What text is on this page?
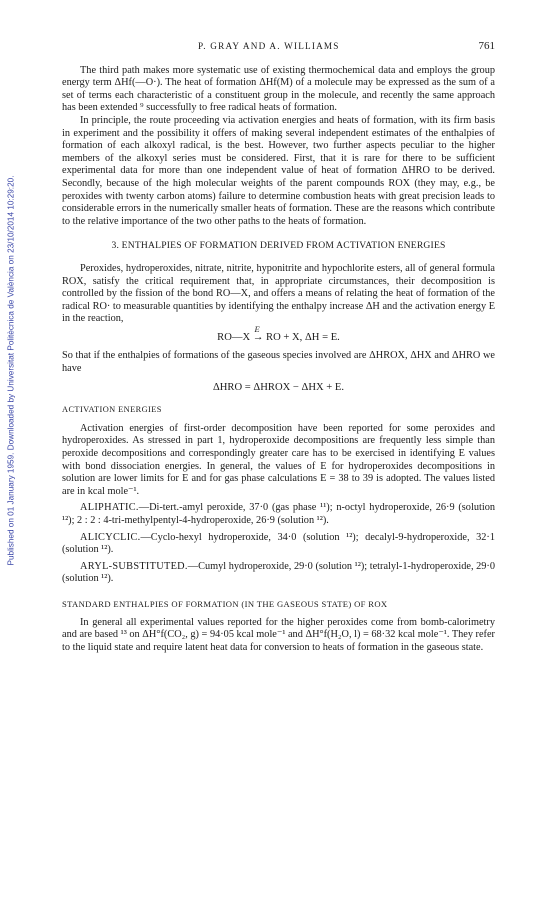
Published on 01 January 1959. Downloaded by Universitat Politècnica de València on 23/10/2014 10:29:20.
P. GRAY AND A. WILLIAMS	761

The third path makes more systematic use of existing thermochemical data and employs the group energy term ΔHf(—O·). The heat of formation ΔHf(M) of a molecule may be expressed as the sum of a set of terms each characteristic of a constituent group in the molecule, and recently the same approach has been extended ⁹ successfully to free radical heats of formation.

In principle, the route proceeding via activation energies and heats of formation, with its firm basis in experiment and the possibility it offers of making several independent estimates of the enthalpies of formation of each alkoxyl radical, is the best. However, two further aspects peculiar to the higher members of the alkoxyl series must be considered. First, that it is rare for there to be sufficient experimental data for more than one independent value of heat of formation ΔHRO to be derived. Secondly, because of the high molecular weights of the parent compounds ROX (they may, e.g., be peroxides with twenty carbon atoms) failure to determine combustion heats with great precision leads to considerable errors in the numerically smaller heats of formation. These are the reasons which contribute to the relative importance of the two other paths to the heats of formation.

3. ENTHALPIES OF FORMATION DERIVED FROM ACTIVATION ENERGIES

Peroxides, hydroperoxides, nitrate, nitrite, hyponitrite and hypochlorite esters, all of general formula ROX, satisfy the critical requirement that, in appropriate circumstances, their decomposition is controlled by the fission of the bond RO—X, and offers a means of relating the heat of formation of the radical RO· to measurable quantities by identifying the enthalpy increase ΔH and the activation energy E in the reaction,

E
RO—X → RO + X, ΔH = E.

So that if the enthalpies of formations of the gaseous species involved are ΔHROX, ΔHX and ΔHRO we have

ΔHRO = ΔHROX − ΔHX + E.
ACTIVATION ENERGIES

Activation energies of first-order decomposition have been reported for some peroxides and hydroperoxides. As stressed in part 1, hydroperoxide decompositions are frequently less simple than peroxide decompositions and correspondingly greater care has to be exercised in identifying E values with bond dissociation energies. In general, the values of E for hydroperoxides decompositions in solution are lower limits for E and for gas phase calculations E = 38 to 39 is adopted. The values listed are in kcal mole⁻¹.

ALIPHATIC.—Di-tert.-amyl peroxide, 37·0 (gas phase ¹¹); n-octyl hydroperoxide, 26·9 (solution ¹²); 2 : 2 : 4-tri-methylpentyl-4-hydroperoxide, 26·9 (solution ¹²).
ALICYCLIC.—Cyclo-hexyl hydroperoxide, 34·0 (solution ¹²); decalyl-9-hydroperoxide, 32·1 (solution ¹²).
ARYL-SUBSTITUTED.—Cumyl hydroperoxide, 29·0 (solution ¹²); tetralyl-1-hydroperoxide, 29·0 (solution ¹²).
STANDARD ENTHALPIES OF FORMATION (IN THE GASEOUS STATE) OF ROX

In general all experimental values reported for the higher peroxides come from bomb-calorimetry and are based ¹³ on ΔH°f(CO₂, g) = 94·05 kcal mole⁻¹ and ΔH°f(H₂O, l) = 68·32 kcal mole⁻¹. They refer to the liquid state and require latent heat data for conversion to heats of formation in the gaseous state.
